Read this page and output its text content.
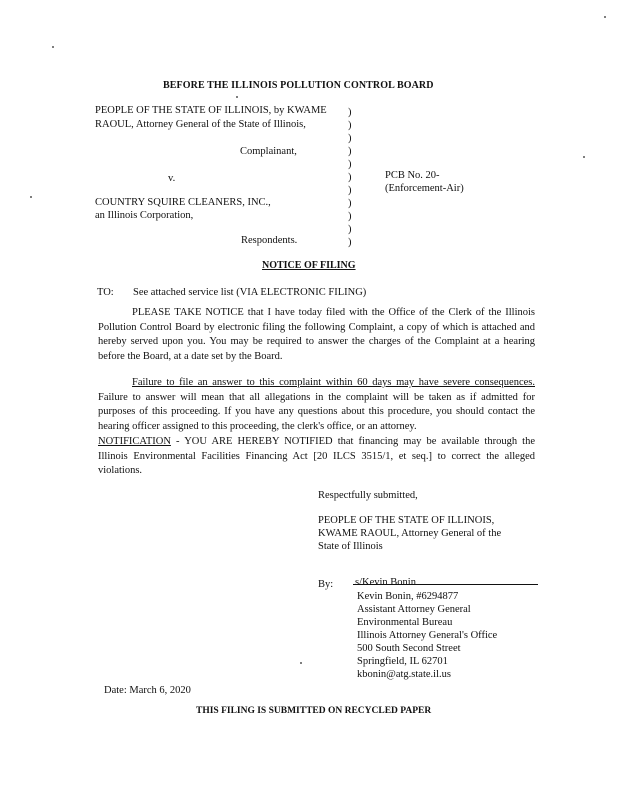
BEFORE THE ILLINOIS POLLUTION CONTROL BOARD
PEOPLE OF THE STATE OF ILLINOIS, by KWAME
RAOUL, Attorney General of the State of Illinois,
Complainant,
v.
COUNTRY SQUIRE CLEANERS, INC.,
an Illinois Corporation,
Respondents.
)
)
)
)
)
)
)
)
)
)
)
PCB No. 20-
(Enforcement-Air)
NOTICE OF FILING
TO: See attached service list (VIA ELECTRONIC FILING)
PLEASE TAKE NOTICE that I have today filed with the Office of the Clerk of the Illinois Pollution Control Board by electronic filing the following Complaint, a copy of which is attached and hereby served upon you. You may be required to answer the charges of the Complaint at a hearing before the Board, at a date set by the Board.
Failure to file an answer to this complaint within 60 days may have severe consequences. Failure to answer will mean that all allegations in the complaint will be taken as if admitted for purposes of this proceeding. If you have any questions about this procedure, you should contact the hearing officer assigned to this proceeding, the clerk's office, or an attorney.
NOTIFICATION - YOU ARE HEREBY NOTIFIED that financing may be available through the Illinois Environmental Facilities Financing Act [20 ILCS 3515/1, et seq.] to correct the alleged violations.
Respectfully submitted,
PEOPLE OF THE STATE OF ILLINOIS,
KWAME RAOUL, Attorney General of the
State of Illinois
By: s/Kevin Bonin
Kevin Bonin, #6294877
Assistant Attorney General
Environmental Bureau
Illinois Attorney General's Office
500 South Second Street
Springfield, IL 62701
kbonin@atg.state.il.us
Date: March 6, 2020
THIS FILING IS SUBMITTED ON RECYCLED PAPER
